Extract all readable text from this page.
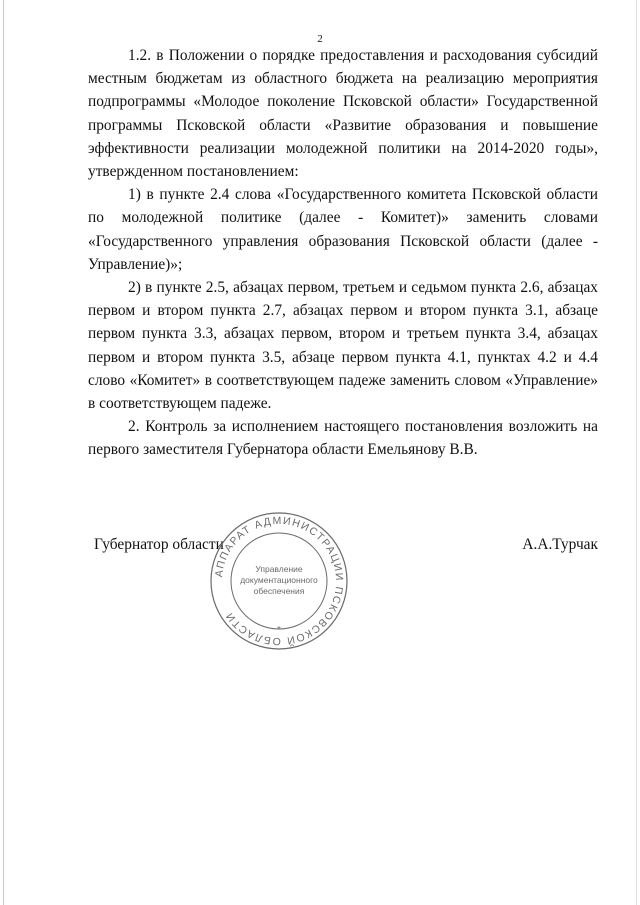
2

1.2. в Положении о порядке предоставления и расходования субсидий местным бюджетам из областного бюджета на реализацию мероприятия подпрограммы «Молодое поколение Псковской области» Государственной программы Псковской области «Развитие образования и повышение эффективности реализации молодежной политики на 2014-2020 годы», утвержденном постановлением:

1) в пункте 2.4 слова «Государственного комитета Псковской области по молодежной политике (далее - Комитет)» заменить словами «Государственного управления образования Псковской области (далее - Управление)»;

2) в пункте 2.5, абзацах первом, третьем и седьмом пункта 2.6, абзацах первом и втором пункта 2.7, абзацах первом и втором пункта 3.1, абзаце первом пункта 3.3, абзацах первом, втором и третьем пункта 3.4, абзацах первом и втором пункта 3.5, абзаце первом пункта 4.1, пунктах 4.2 и 4.4 слово «Комитет» в соответствующем падеже заменить словом «Управление» в соответствующем падеже.

2. Контроль за исполнением настоящего постановления возложить на первого заместителя Губернатора области Емельянову В.В.

Губернатор области	А.А.Турчак
АППАРАТ АДМИНИСТРАЦИИ ПСКОВСКОЙ ОБЛАСТИ
Управление
документационного
обеспечения
*
